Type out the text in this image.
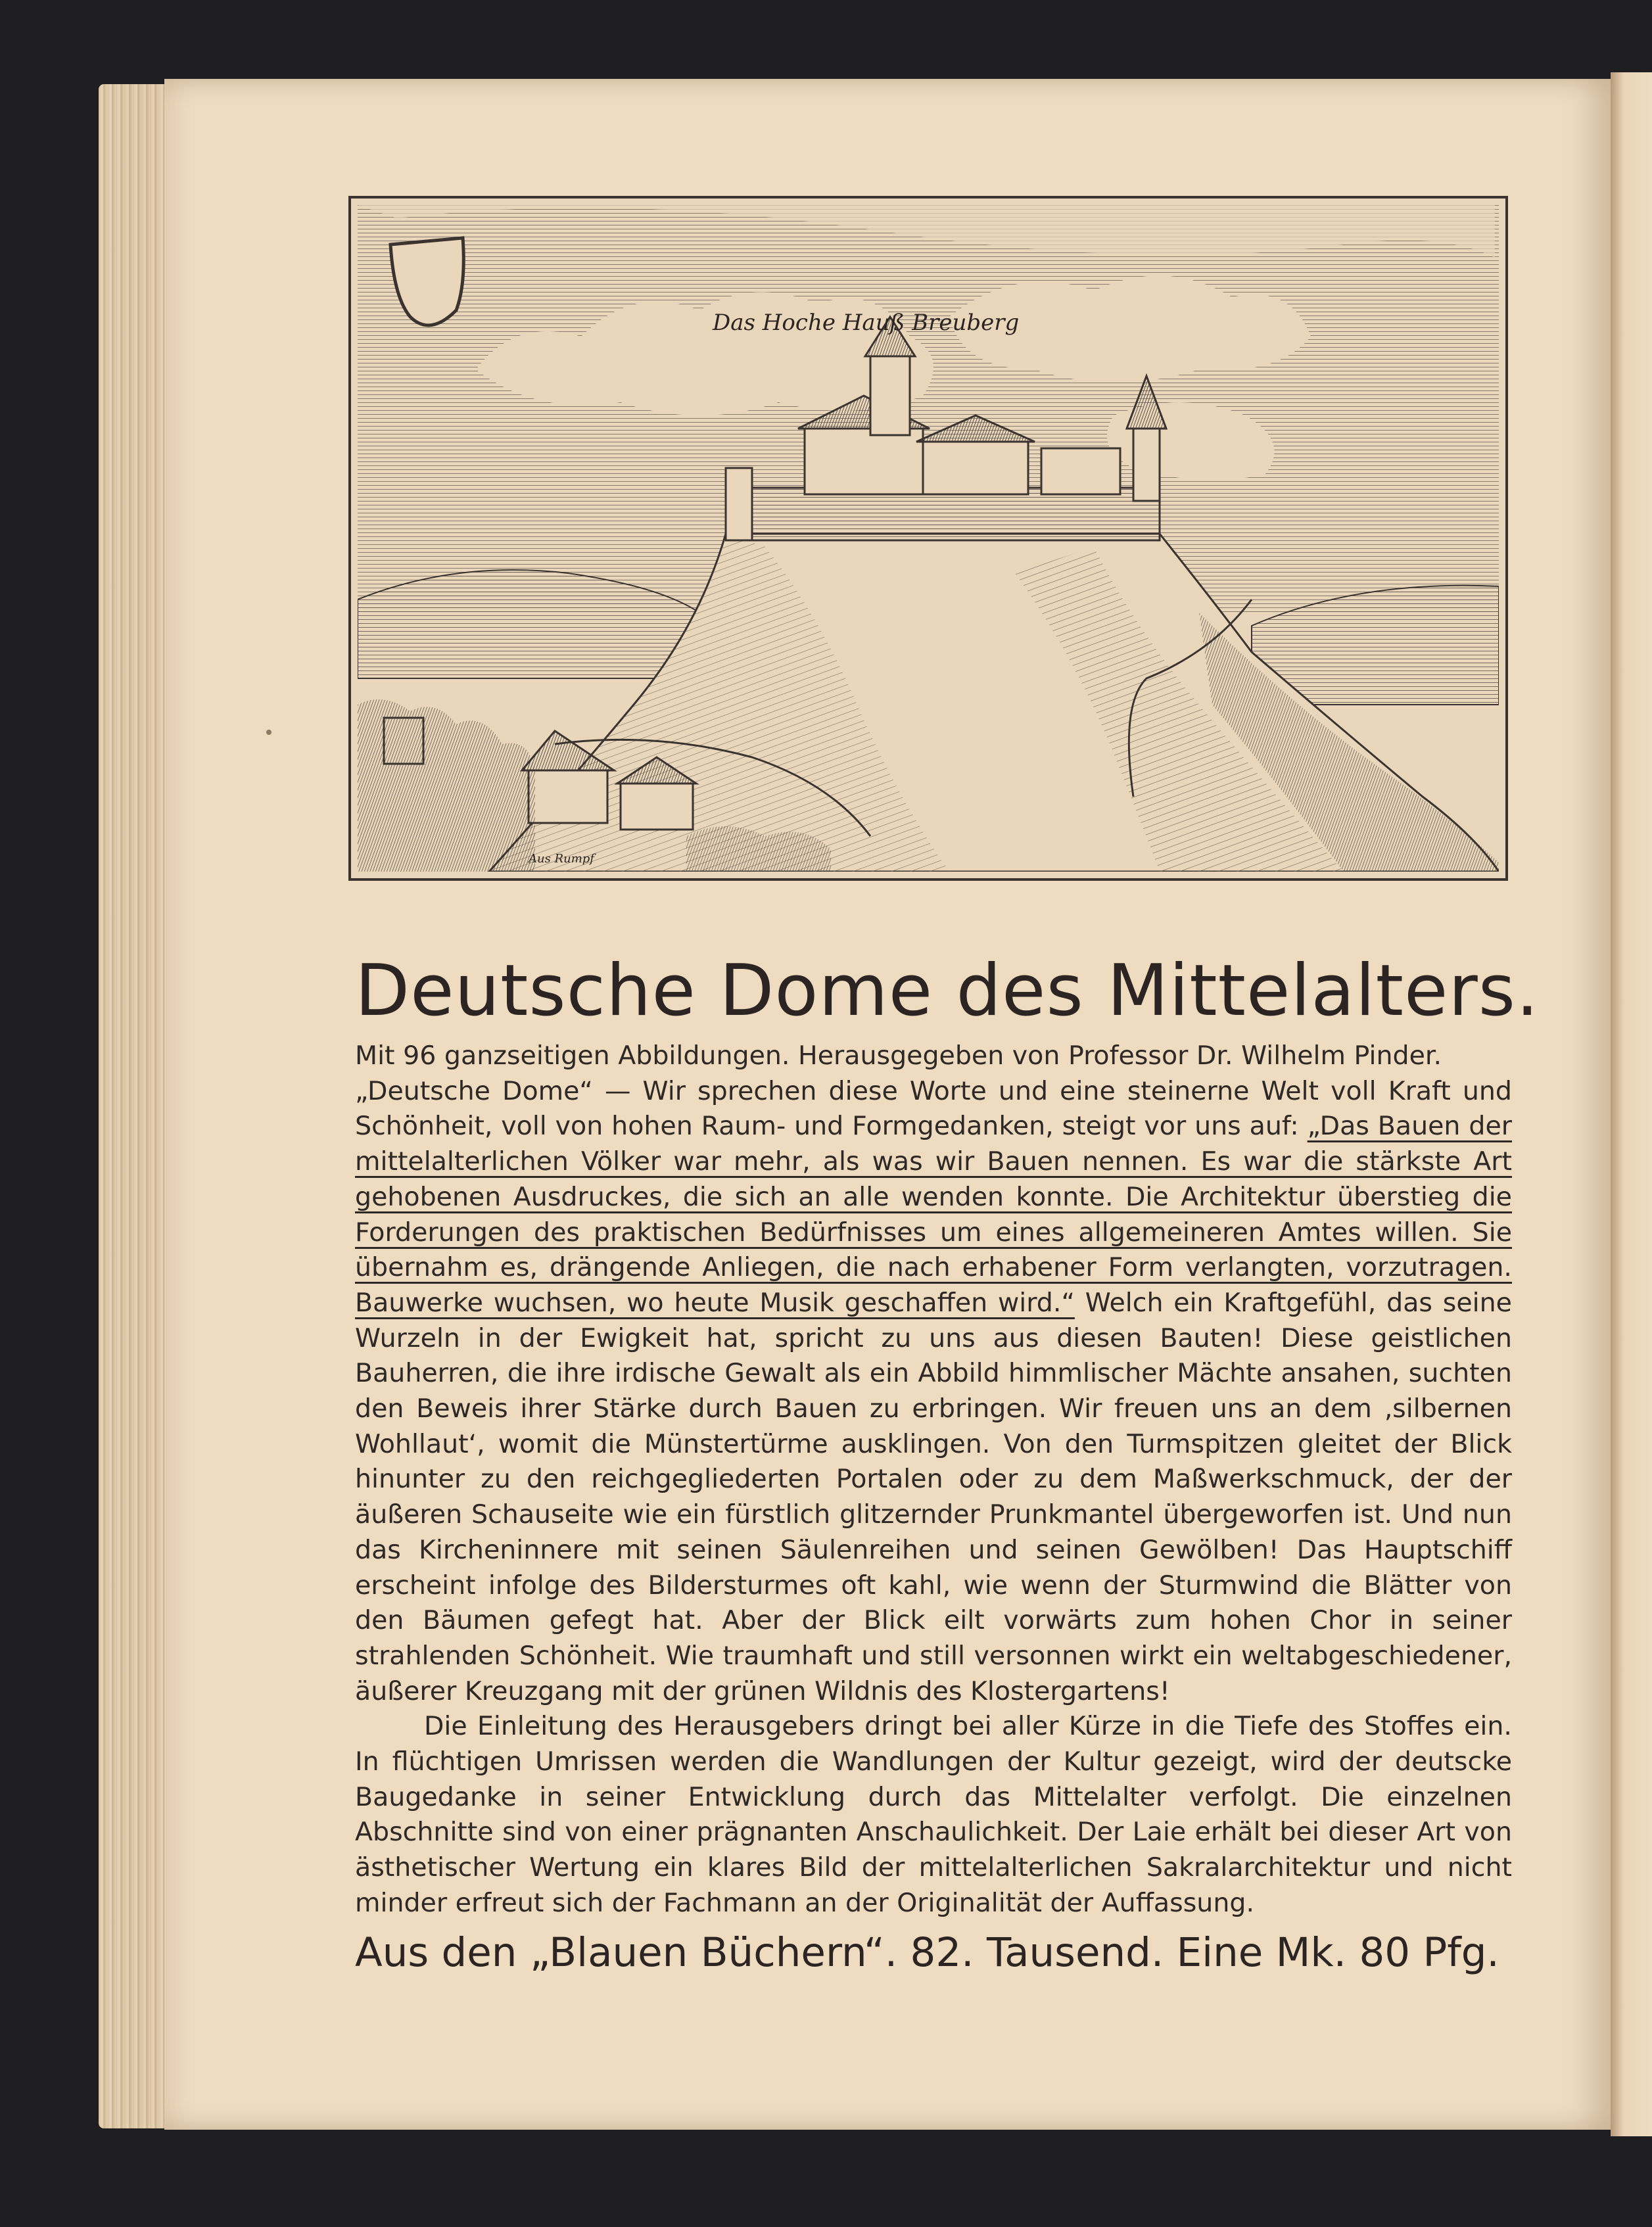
Das Hoche Hauß Breuberg
Aus Rumpf
Deutsche Dome des Mittelalters.

Mit 96 ganzseitigen Abbildungen. Herausgegeben von Professor Dr. Wilhelm Pinder.

„Deutsche Dome“ — Wir sprechen diese Worte und eine steinerne Welt voll Kraft und Schönheit, voll von hohen Raum- und Formgedanken, steigt vor uns auf: „Das Bauen der mittelalterlichen Völker war mehr, als was wir Bauen nennen. Es war die stärkste Art gehobenen Ausdruckes, die sich an alle wenden konnte. Die Architektur überstieg die Forderungen des praktischen Bedürfnisses um eines allgemeineren Amtes willen. Sie übernahm es, drängende Anliegen, die nach erhabener Form verlangten, vorzutragen. Bauwerke wuchsen, wo heute Musik geschaffen wird.“ Welch ein Kraftgefühl, das seine Wurzeln in der Ewigkeit hat, spricht zu uns aus diesen Bauten! Diese geistlichen Bauherren, die ihre irdische Gewalt als ein Abbild himmlischer Mächte ansahen, suchten den Beweis ihrer Stärke durch Bauen zu erbringen. Wir freuen uns an dem ‚silbernen Wohllaut‘, womit die Münstertürme ausklingen. Von den Turmspitzen gleitet der Blick hinunter zu den reichgegliederten Portalen oder zu dem Maßwerkschmuck, der der äußeren Schauseite wie ein fürstlich glitzernder Prunkmantel übergeworfen ist. Und nun das Kircheninnere mit seinen Säulenreihen und seinen Gewölben! Das Hauptschiff erscheint infolge des Bildersturmes oft kahl, wie wenn der Sturmwind die Blätter von den Bäumen gefegt hat. Aber der Blick eilt vorwärts zum hohen Chor in seiner strahlenden Schönheit. Wie traumhaft und still versonnen wirkt ein weltabgeschiedener, äußerer Kreuzgang mit der grünen Wildnis des Klostergartens!

Die Einleitung des Herausgebers dringt bei aller Kürze in die Tiefe des Stoffes ein. In flüchtigen Umrissen werden die Wandlungen der Kultur gezeigt, wird der deutscke Baugedanke in seiner Entwicklung durch das Mittelalter verfolgt. Die einzelnen Abschnitte sind von einer prägnanten Anschaulichkeit. Der Laie erhält bei dieser Art von ästhetischer Wertung ein klares Bild der mittelalterlichen Sakralarchitektur und nicht minder erfreut sich der Fachmann an der Originalität der Auffassung.

Aus den „Blauen Büchern“. 82. Tausend. Eine Mk. 80 Pfg.
